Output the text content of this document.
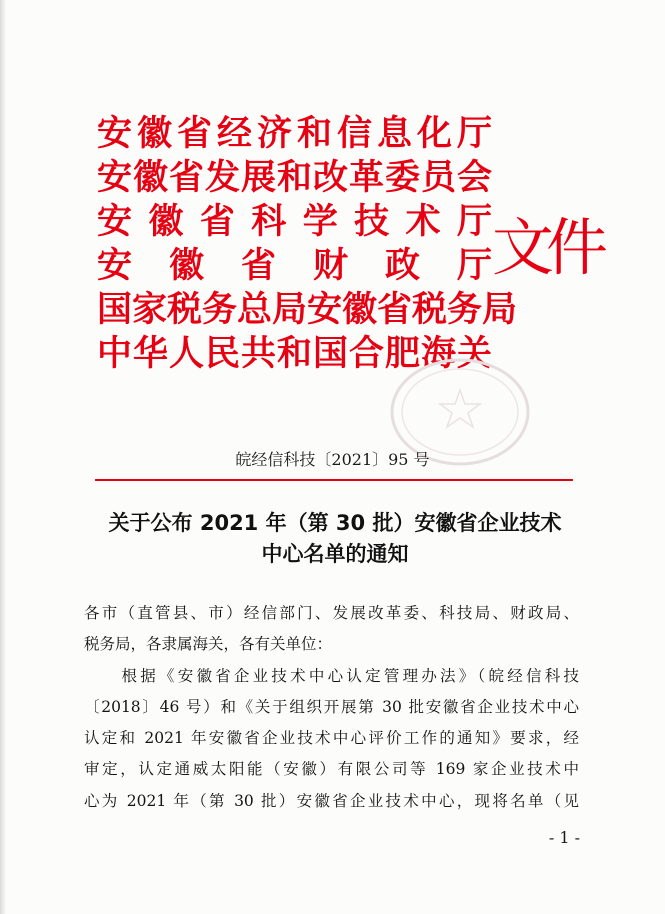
安徽省经济和信息化厅
安徽省发展和改革委员会
安徽省科学技术厅
安徽省财政厅
国家税务总局安徽省税务局
中华人民共和国合肥海关
文件
皖经信科技〔2021〕95 号
关于公布 2021 年（第 30 批）安徽省企业技术
中心名单的通知
各市（直管县、市）经信部门、发展改革委、科技局、财政局、
税务局，各隶属海关，各有关单位：
　　根据《安徽省企业技术中心认定管理办法》（皖经信科技
〔2018〕46 号）和《关于组织开展第 30 批安徽省企业技术中心
认定和 2021 年安徽省企业技术中心评价工作的通知》要求，经
审定，认定通威太阳能（安徽）有限公司等 169 家企业技术中
心为 2021 年（第 30 批）安徽省企业技术中心，现将名单（见
- 1 -
